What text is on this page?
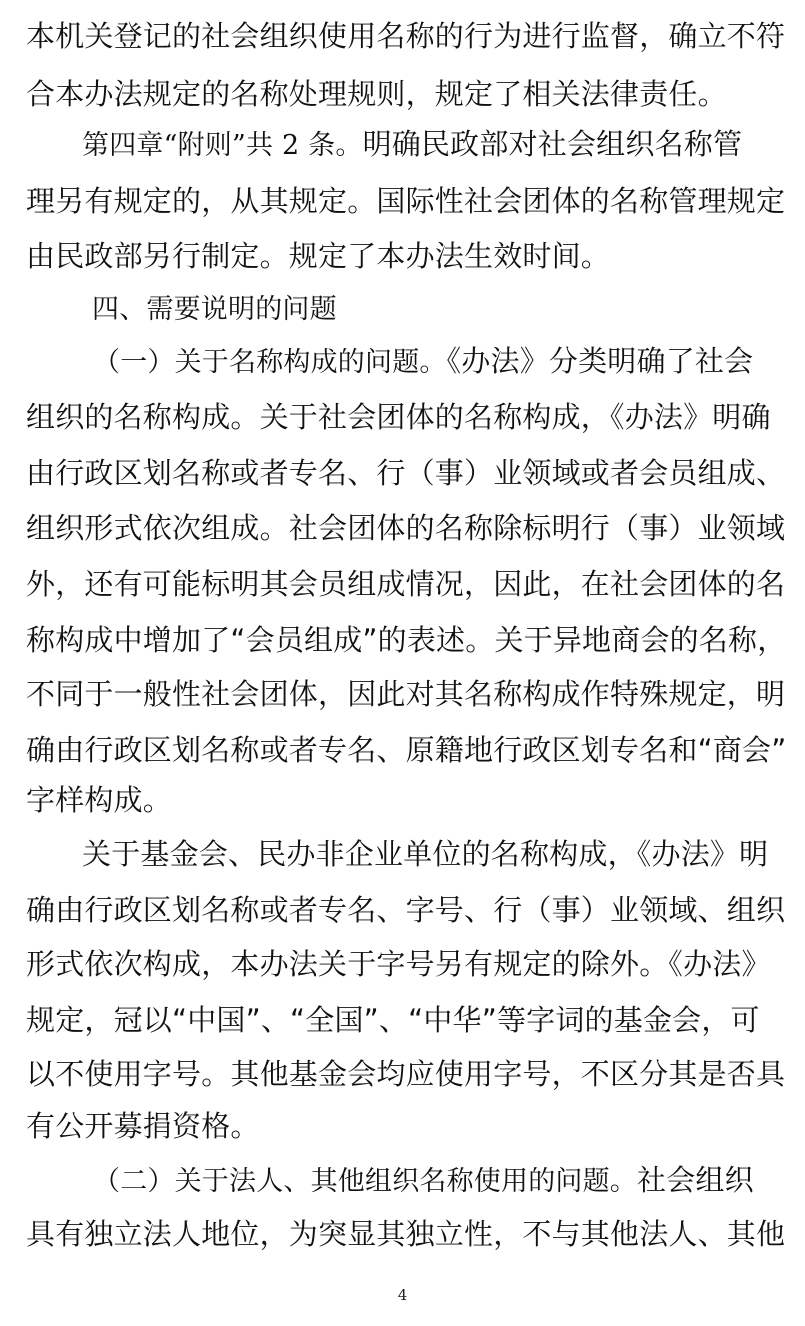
本机关登记的社会组织使用名称的行为进行监督，确立不符
合本办法规定的名称处理规则，规定了相关法律责任。
第四章“附则”共 2 条。明确民政部对社会组织名称管
理另有规定的，从其规定。国际性社会团体的名称管理规定
由民政部另行制定。规定了本办法生效时间。
四、需要说明的问题
（一）关于名称构成的问题。《办法》分类明确了社会
组织的名称构成。关于社会团体的名称构成，《办法》明确
由行政区划名称或者专名、行（事）业领域或者会员组成、
组织形式依次组成。社会团体的名称除标明行（事）业领域
外，还有可能标明其会员组成情况，因此，在社会团体的名
称构成中增加了“会员组成”的表述。关于异地商会的名称，
不同于一般性社会团体，因此对其名称构成作特殊规定，明
确由行政区划名称或者专名、原籍地行政区划专名和“商会”
字样构成。
关于基金会、民办非企业单位的名称构成，《办法》明
确由行政区划名称或者专名、字号、行（事）业领域、组织
形式依次构成，本办法关于字号另有规定的除外。《办法》
规定，冠以“中国”、“全国”、“中华”等字词的基金会，可
以不使用字号。其他基金会均应使用字号，不区分其是否具
有公开募捐资格。
（二）关于法人、其他组织名称使用的问题。社会组织
具有独立法人地位，为突显其独立性，不与其他法人、其他
4
